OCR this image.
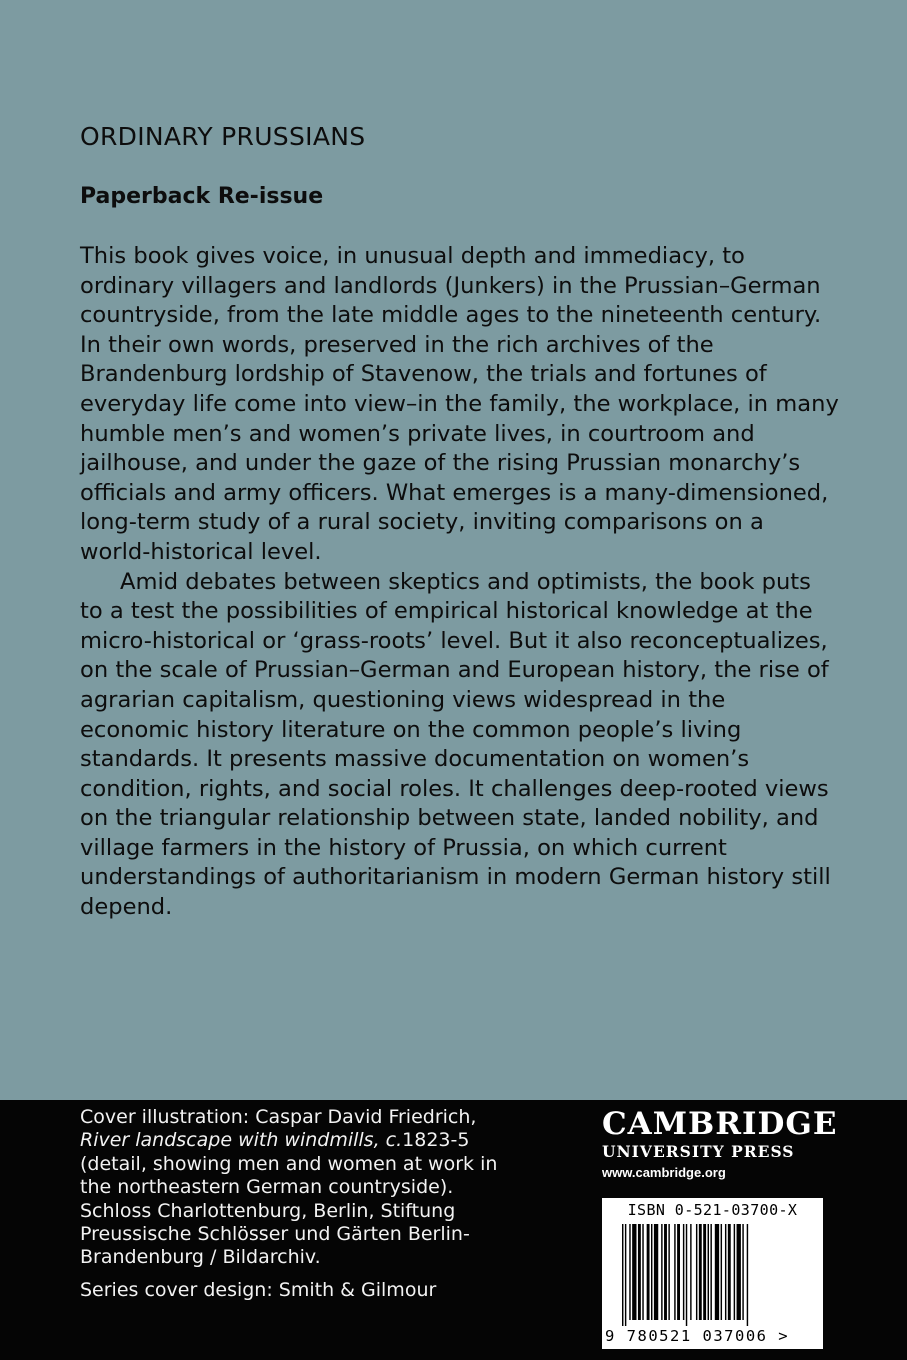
ORDINARY PRUSSIANS
Paperback Re-issue

This book gives voice, in unusual depth and immediacy, to ordinary villagers and landlords (Junkers) in the Prussian–German countryside, from the late middle ages to the nineteenth century. In their own words, preserved in the rich archives of the Brandenburg lordship of Stavenow, the trials and fortunes of everyday life come into view–in the family, the workplace, in many humble men’s and women’s private lives, in courtroom and jailhouse, and under the gaze of the rising Prussian monarchy’s officials and army officers. What emerges is a many-dimensioned, long-term study of a rural society, inviting comparisons on a world-historical level.

Amid debates between skeptics and optimists, the book puts to a test the possibilities of empirical historical knowledge at the micro-historical or ‘grass-roots’ level. But it also reconceptualizes, on the scale of Prussian–German and European history, the rise of agrarian capitalism, questioning views widespread in the economic history literature on the common people’s living standards. It presents massive documentation on women’s condition, rights, and social roles. It challenges deep-rooted views on the triangular relationship between state, landed nobility, and village farmers in the history of Prussia, on which current understandings of authoritarianism in modern German history still depend.

Cover illustration: Caspar David Friedrich,
River landscape with windmills, c.1823-5 (detail, showing men and women at work in the northeastern German countryside). Schloss Charlottenburg, Berlin, Stiftung Preussische Schlösser und Gärten Berlin-Brandenburg / Bildarchiv.

Series cover design: Smith & Gilmour

CAMBRIDGE
UNIVERSITY PRESS
www.cambridge.org
ISBN 0-521-03700-X
9 780521 037006 >
